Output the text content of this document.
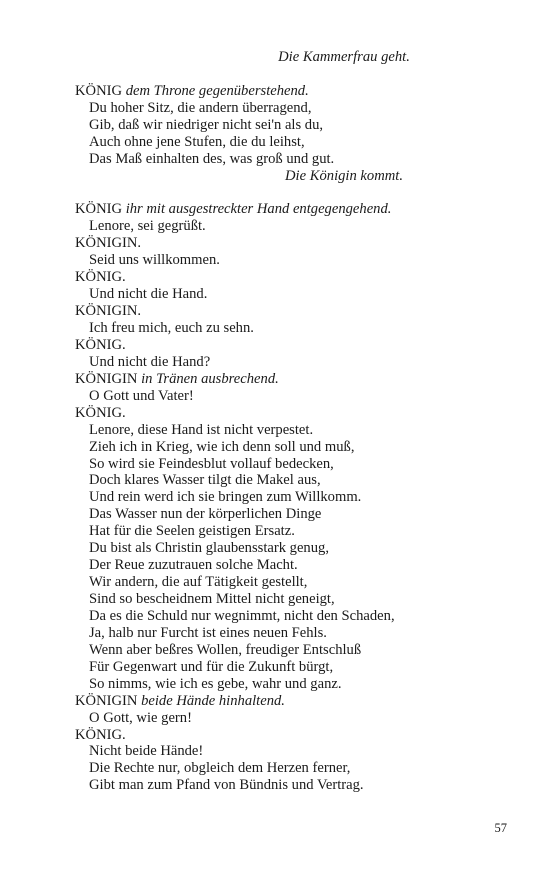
Die Kammerfrau geht.
KÖNIG dem Throne gegenüberstehend.
Du hoher Sitz, die andern überragend,
Gib, daß wir niedriger nicht sei'n als du,
Auch ohne jene Stufen, die du leihst,
Das Maß einhalten des, was groß und gut.
Die Königin kommt.
KÖNIG ihr mit ausgestreckter Hand entgegengehend.
Lenore, sei gegrüßt.
KÖNIGIN.
Seid uns willkommen.
KÖNIG.
Und nicht die Hand.
KÖNIGIN.
Ich freu mich, euch zu sehn.
KÖNIG.
Und nicht die Hand?
KÖNIGIN in Tränen ausbrechend.
O Gott und Vater!
KÖNIG.
Lenore, diese Hand ist nicht verpestet.
Zieh ich in Krieg, wie ich denn soll und muß,
So wird sie Feindesblut vollauf bedecken,
Doch klares Wasser tilgt die Makel aus,
Und rein werd ich sie bringen zum Willkomm.
Das Wasser nun der körperlichen Dinge
Hat für die Seelen geistigen Ersatz.
Du bist als Christin glaubensstark genug,
Der Reue zuzutrauen solche Macht.
Wir andern, die auf Tätigkeit gestellt,
Sind so bescheidnem Mittel nicht geneigt,
Da es die Schuld nur wegnimmt, nicht den Schaden,
Ja, halb nur Furcht ist eines neuen Fehls.
Wenn aber beßres Wollen, freudiger Entschluß
Für Gegenwart und für die Zukunft bürgt,
So nimms, wie ich es gebe, wahr und ganz.
KÖNIGIN beide Hände hinhaltend.
O Gott, wie gern!
KÖNIG.
Nicht beide Hände!
Die Rechte nur, obgleich dem Herzen ferner,
Gibt man zum Pfand von Bündnis und Vertrag.
57
